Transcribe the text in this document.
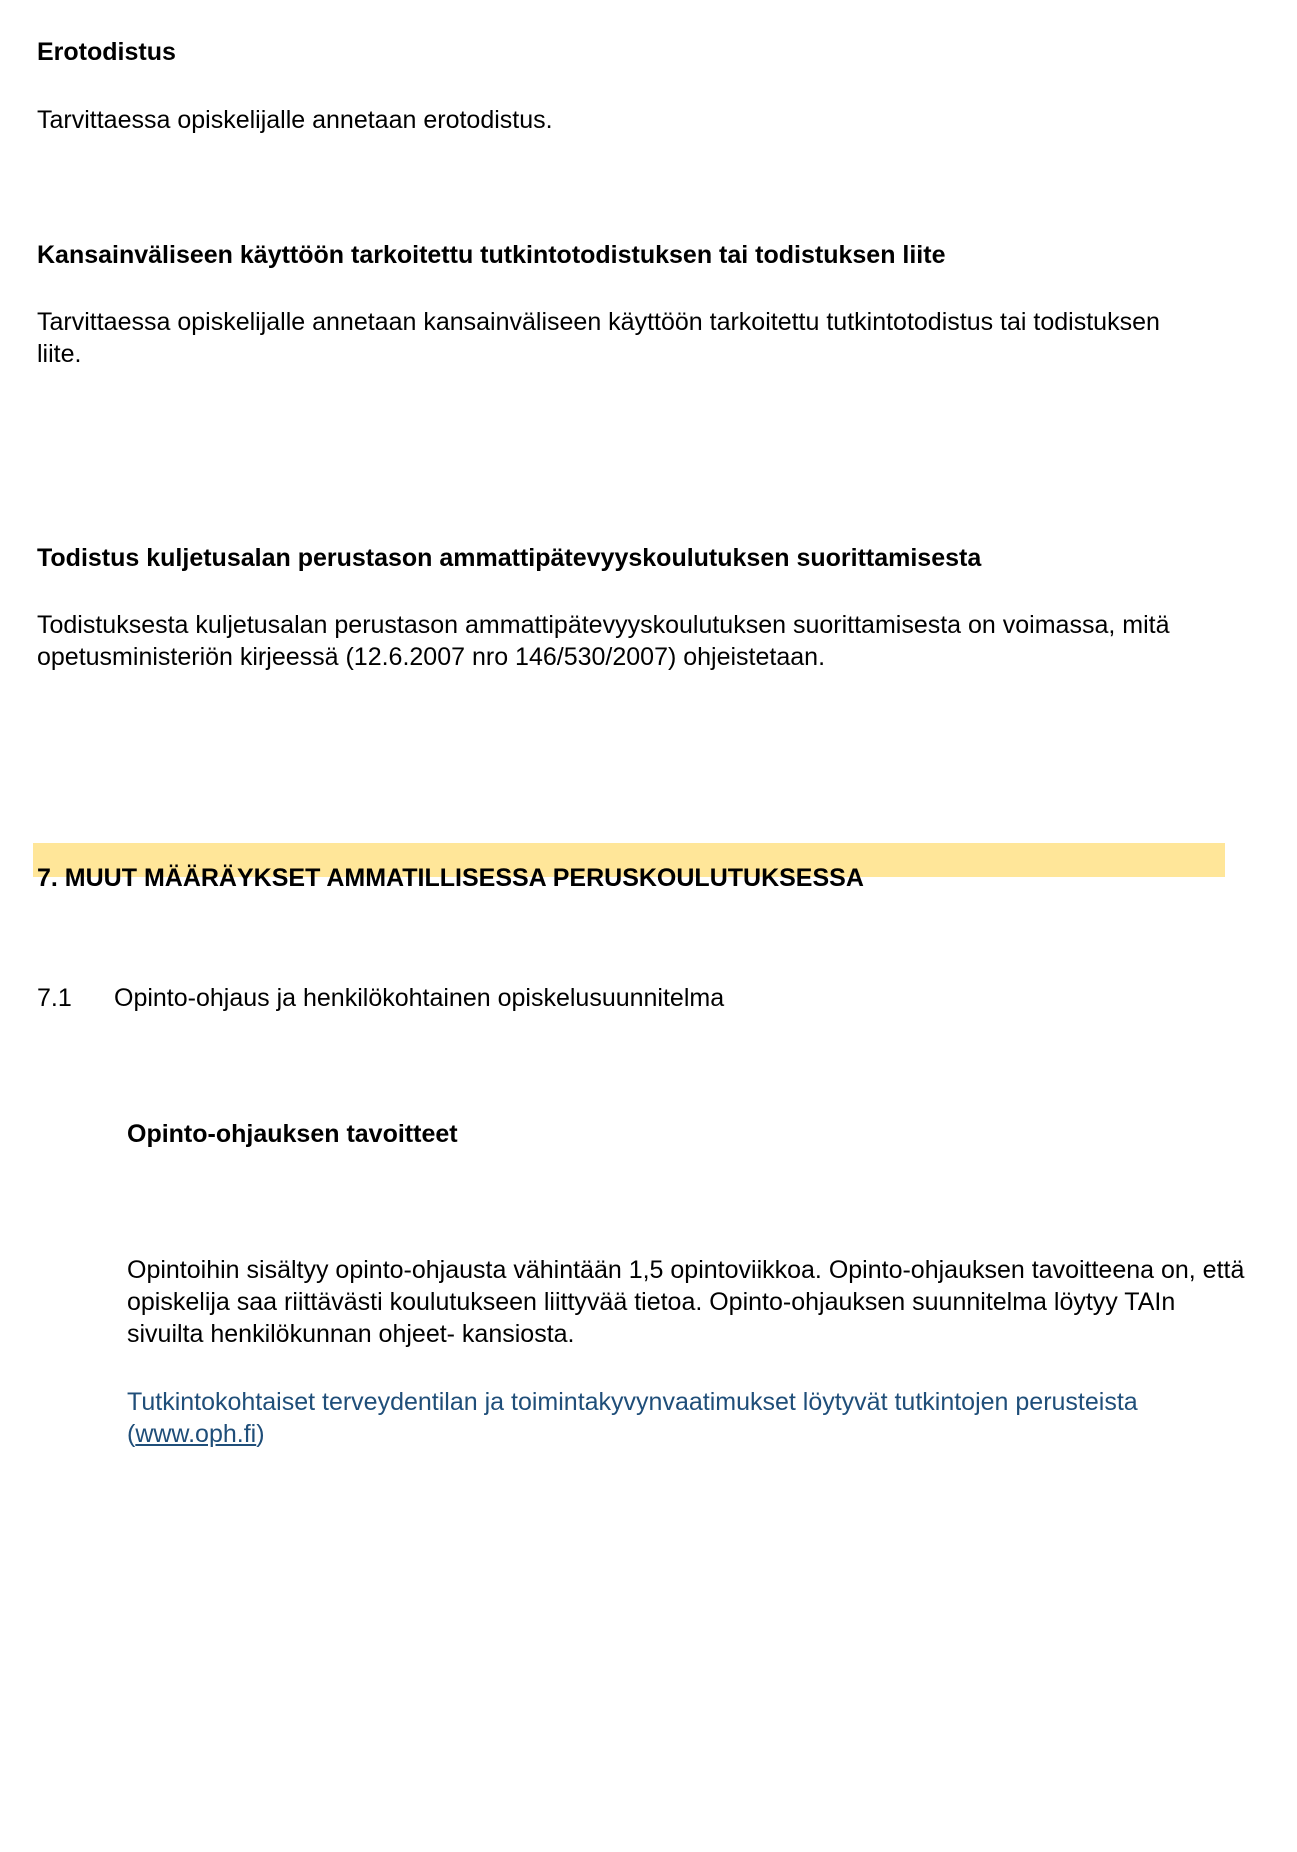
Erotodistus

Tarvittaessa opiskelijalle annetaan erotodistus.

Kansainväliseen käyttöön tarkoitettu tutkintotodistuksen tai todistuksen liite

Tarvittaessa opiskelijalle annetaan kansainväliseen käyttöön tarkoitettu tutkintotodistus tai todistuksen liite.

Todistus kuljetusalan perustason ammattipätevyyskoulutuksen suorittamisesta

Todistuksesta kuljetusalan perustason ammattipätevyyskoulutuksen suorittamisesta on voimassa, mitä opetusministeriön kirjeessä (12.6.2007 nro 146/530/2007) ohjeistetaan.

7. MUUT MÄÄRÄYKSET AMMATILLISESSA PERUSKOULUTUKSESSA
7.1 Opinto-ohjaus ja henkilökohtainen opiskelusuunnitelma
Opinto-ohjauksen tavoitteet

Opintoihin sisältyy opinto-ohjausta vähintään 1,5 opintoviikkoa. Opinto-ohjauksen tavoitteena on, että opiskelija saa riittävästi koulutukseen liittyvää tietoa. Opinto-ohjauksen suunnitelma löytyy TAIn sivuilta henkilökunnan ohjeet- kansiosta.

Tutkintokohtaiset terveydentilan ja toimintakyvynvaatimukset löytyvät tutkintojen perusteista (www.oph.fi)
